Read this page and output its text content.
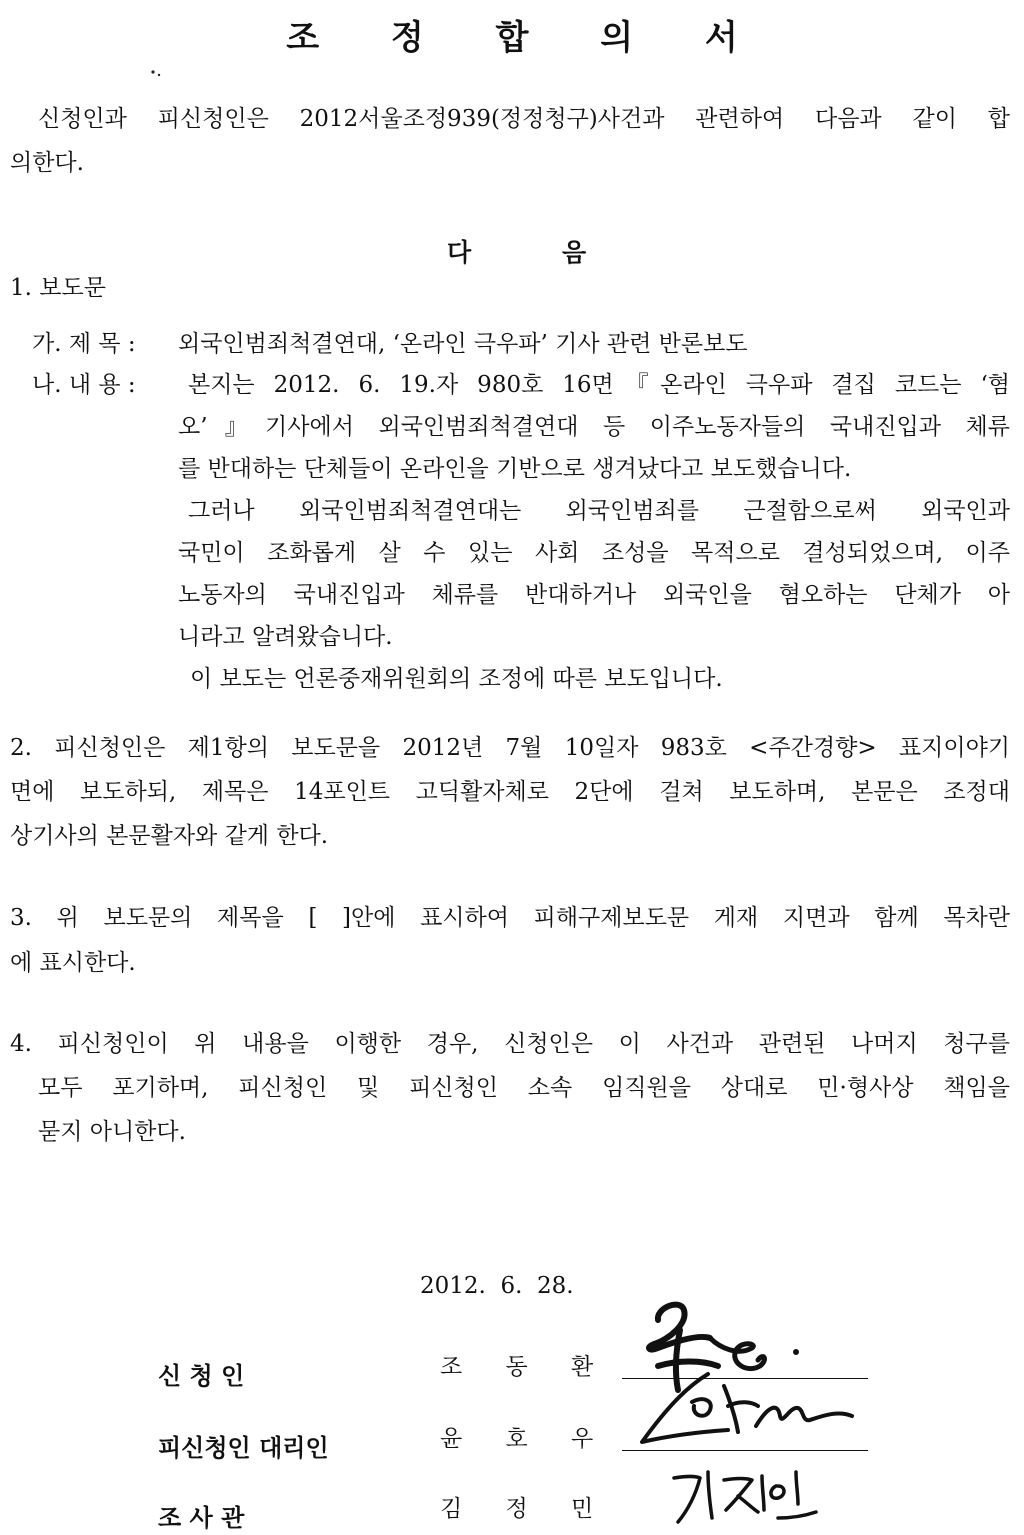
조 정 합 의 서
신청인과 피신청인은 2012서울조정939(정정청구)사건과 관련하여 다음과 같이 합
의한다.
다	음
1. 보도문
가. 제 목 : 외국인범죄척결연대, ‘온라인 극우파’ 기사 관련 반론보도
나. 내 용 : 본지는 2012. 6. 19.자 980호 16면『온라인 극우파 결집 코드는 ‘혐
오’』기사에서 외국인범죄척결연대 등 이주노동자들의 국내진입과 체류
를 반대하는 단체들이 온라인을 기반으로 생겨났다고 보도했습니다.
그러나 외국인범죄척결연대는 외국인범죄를 근절함으로써 외국인과
국민이 조화롭게 살 수 있는 사회 조성을 목적으로 결성되었으며, 이주
노동자의 국내진입과 체류를 반대하거나 외국인을 혐오하는 단체가 아
니라고 알려왔습니다.
이 보도는 언론중재위원회의 조정에 따른 보도입니다.
2. 피신청인은 제1항의 보도문을 2012년 7월 10일자 983호 <주간경향> 표지이야기
면에 보도하되, 제목은 14포인트 고딕활자체로 2단에 걸쳐 보도하며, 본문은 조정대
상기사의 본문활자와 같게 한다.
3. 위 보도문의 제목을 [ ]안에 표시하여 피해구제보도문 게재 지면과 함께 목차란
에 표시한다.
4. 피신청인이 위 내용을 이행한 경우, 신청인은 이 사건과 관련된 나머지 청구를
모두 포기하며, 피신청인 및 피신청인 소속 임직원을 상대로 민·형사상 책임을
묻지 아니한다.
2012.  6.  28.
신 청 인	조 동 환
피신청인 대리인	윤 호 우
조 사 관	김 정 민
